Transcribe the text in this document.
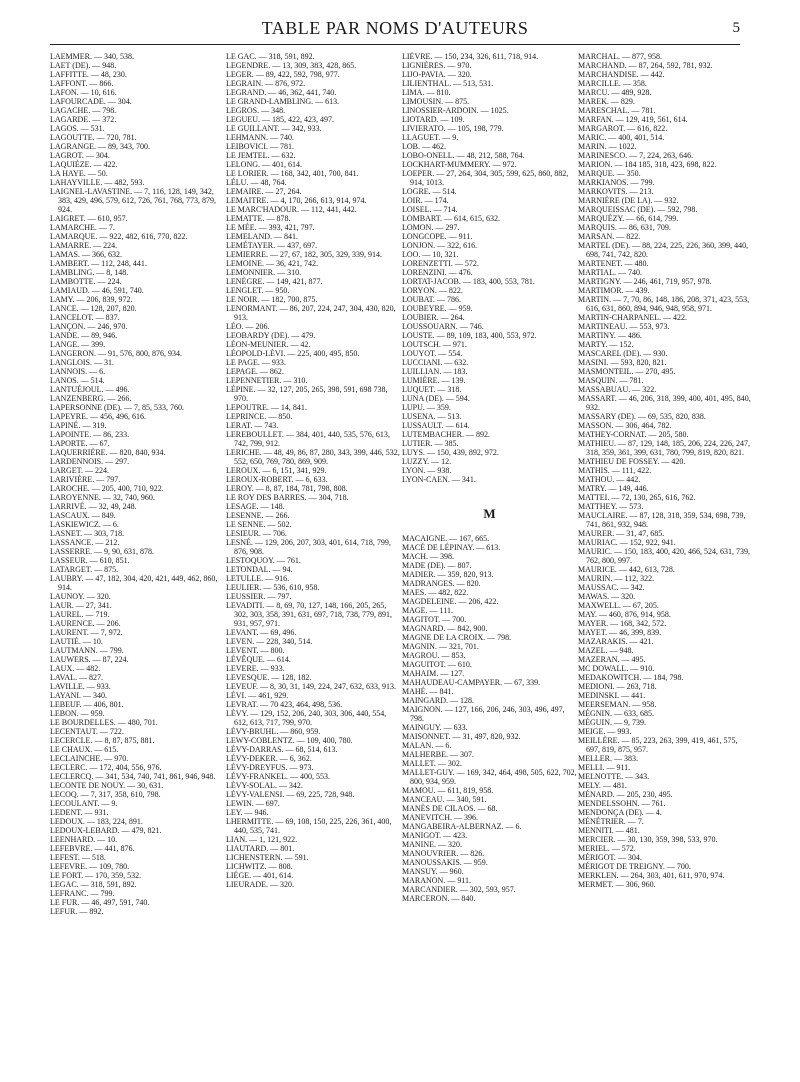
TABLE PAR NOMS D'AUTEURS	5

LAEMMER. — 340, 538.

LAET (DE). — 948.

LAFFITTE. — 48, 230.

LAFFONT. — 866.

LAFON. — 10, 616.

LAFOURCADE. — 304.

LAGACHE. — 798.

LAGARDE. — 372.

LAGOS. — 531.

LAGOUTTE. — 720, 781.

LAGRANGE. — 89, 343, 700.

LAGROT. — 304.

LAQUIÈZE. — 422.

LA HAYE. — 50.

LAHAYVILLE. — 482, 593.

LAIGNEL-LAVASTINE. — 7, 116, 128, 149, 342, 383, 429, 496, 579, 612, 726, 761, 768, 773, 879, 924.

LAIGRET. — 610, 957.

LAMARCHE. — 7.

LAMARQUE. — 922, 482, 616, 770, 822.

LAMARRE. — 224.

LAMAS. — 366, 632.

LAMBERT. — 112, 248, 441.

LAMBLING. — 8, 148.

LAMBOTTE. — 224.

LAMIAUD. — 46, 591, 740.

LAMY. — 206, 839, 972.

LANCE. — 128, 207, 820.

LANCELOT. — 837.

LANÇON. — 246, 970.

LANDE. — 89, 946.

LANGE. — 399.

LANGERON. — 91, 576, 800, 876, 934.

LANGLOIS. — 31.

LANNOIS. — 6.

LANOS. — 514.

LANTUÉJOUL. — 496.

LANZENBERG. — 266.

LAPERSONNE (DE). — 7, 85, 533, 760.

LAPEYRE. — 456, 496, 616.

LAPINÉ. — 319.

LAPOINTE. — 86, 233.

LAPORTE. — 67.

LAQUERRIÈRE. — 820, 840, 934.

LARDENNOIS. — 297.

LARGET. — 224.

LARIVIÈRE. — 797.

LAROCHE. — 205, 400, 710, 922.

LAROYENNE. — 32, 740, 960.

LARRIVÉ. — 32, 49, 248.

LASCAUX. — 849.

LASKIEWICZ. — 6.

LASNET. — 303, 718.

LASSANCE. — 212.

LASSERRE. — 9, 90, 631, 878.

LASSEUR. — 610, 851.

LATARGET. — 875.

LAUBRY. — 47, 182, 304, 420, 421, 449, 462, 860, 914.

LAUNOY. — 320.

LAUR. — 27, 341.

LAUREL. — 719.

LAURENCE. — 206.

LAURENT. — 7, 972.

LAUTIÉ. — 10.

LAUTMANN. — 799.

LAUWERS. — 87, 224.

LAUX. — 482.

LAVAL. — 827.

LAVILLE. — 933.

LAYANI. — 340.

LEBEUF. — 406, 801.

LEBON. — 959.

LE BOURDELLES. — 480, 701.

LECENTAUT. — 722.

LECERCLE. — 8, 87, 875, 881.

LE CHAUX. — 615.

LECLAINCHE. — 970.

LECLERC. — 172, 404, 556, 976.

LECLERCQ. — 341, 534, 740, 741, 861, 946, 948.

LECONTE DE NOUY. — 30, 631.

LECOQ. — 7, 317, 358, 610, 798.

LECOULANT. — 9.

LEDENT. — 931.

LEDOUX. — 183, 224, 891.

LEDOUX-LEBARD. — 479, 821.

LEENHARD. — 10.

LEFEBVRE. — 441, 876.

LEFEST. — 518.

LEFEVRE. — 109, 780.

LE FORT. — 170, 359, 532.

LEGAC. — 318, 591, 892.

LEFRANC. — 799.

LE FUR. — 46, 497, 591, 740.

LEFUR. — 892.

LE GAC. — 318, 591, 892.

LEGENDRE. — 13, 309, 383, 428, 865.

LEGER. — 89, 422, 592, 798, 977.

LEGRAIN. — 876, 972.

LEGRAND. — 46, 362, 441, 740.

LE GRAND-LAMBLING. — 613.

LEGROS. — 348.

LEGUEU. — 185, 422, 423, 497.

LE GUILLANT. — 342, 933.

LEHMANN. — 740.

LEIBOVICI. — 781.

LE JEMTEL. — 632.

LELONG. — 401, 614.

LE LORIER. — 168, 342, 401, 700, 841.

LÉLU. — 48, 764.

LEMAIRE. — 27, 264.

LEMAITRE. — 4, 170, 266, 613, 914, 974.

LE MARC'HADOUR. — 112, 441, 442.

LEMATTE. — 878.

LE MÉE. — 393, 421, 797.

LEMELAND. — 841.

LEMÉTAYER. — 437, 697.

LEMIERRE. — 27, 67, 182, 305, 329, 339, 914.

LEMOINE. — 36, 421, 742.

LEMONNIER. — 310.

LENÈGRE. — 149, 421, 877.

LENGLET. — 950.

LE NOIR. — 182, 700, 875.

LENORMANT. — 86, 207, 224, 247, 304, 430, 820, 913.

LÉO. — 206.

LEOBARDY (DE). — 479.

LÉON-MEUNIER. — 42.

LÉOPOLD-LÉVI. — 225, 400, 495, 850.

LE PAGE. — 933.

LEPAGE. — 862.

LEPENNETIER. — 310.

LÉPINE. — 32, 127, 205, 265, 398, 591, 698 738, 970.

LEPOUTRE. — 14, 841.

LEPRINCE. — 850.

LERAT. — 743.

LEREBOULLET. — 384, 401, 440, 535, 576, 613, 742, 799, 912.

LERICHE. — 48, 49, 86, 87, 280, 343, 399, 446, 532, 552, 650, 769, 780, 869, 909.

LEROUX. — 6, 151, 341, 929.

LEROUX-ROBERT. — 6, 633.

LEROY. — 8, 87, 184, 781, 798, 808.

LE ROY DES BARRES. — 304, 718.

LESAGE. — 148.

LESENNE. — 266.

LE SENNE. — 502.

LESIEUR. — 706.

LESNÉ. — 129, 206, 207, 303, 401, 614, 718, 799, 876, 908.

LESTOQUOY. — 761.

LETONDAL. — 94.

LETULLE. — 916.

LEULIER. — 536, 610, 958.

LEUSSIER. — 797.

LEVADITI. — 8, 69, 70, 127, 148, 166, 205, 265, 302, 303, 358, 391, 631, 697, 718, 738, 779, 891, 931, 957, 971.

LEVANT. — 69, 496.

LEVEN. — 228, 340, 514.

LEVENT. — 800.

LÉVÊQUE. — 614.

LEVERE. — 933.

LEVESQUE. — 128, 182.

LEVEUF. — 8, 30, 31, 149, 224, 247, 632, 633, 913.

LÉVI. — 461, 929.

LEVRAT. — 70 423, 464, 498, 536.

LÉVY. — 129, 152, 206, 240, 303, 306, 440, 554, 612, 613, 717, 799, 970.

LÉVY-BRUHL. — 860, 959.

LEWY-COBLENTZ. — 109, 400, 780.

LÉVY-DARRAS. — 68, 514, 613.

LÉVY-DEKER. — 6, 362.

LÉVY-DREYFUS. — 973.

LÉVY-FRANKEL. — 400, 553.

LÉVY-SOLAL. — 342.

LÉVY-VALENSI. — 69, 225, 728, 948.

LEWIN. — 697.

LEY. — 946.

LHERMITTE. — 69, 108, 150, 225, 226, 361, 400, 440, 535, 741.

LIAN. — 1, 121, 922.

LIAUTARD. — 801.

LICHENSTERN. — 591.

LICHWITZ. — 808.

LIÉGE. — 401, 614.

LIEURADE. — 320.

LIÈVRE. — 150, 234, 326, 611, 718, 914.

LIGNIÈRES. — 970.

LIJO-PAVIA. — 320.

LILIENTHAL. — 513, 531.

LIMA. — 810.

LIMOUSIN. — 875.

LINOSSIER-ARDOIN. — 1025.

LIOTARD. — 109.

LIVIERATO. — 105, 198, 779.

LLAGUET. — 9.

LOB. — 462.

LOBO-ONELL. — 48, 212, 588, 764.

LOCKHART-MUMMERY. — 972.

LOEPER. — 27, 264, 304, 305, 599, 625, 860, 882, 914, 1013.

LOGRE. — 514.

LOIR. — 174.

LOISEL. — 714.

LOMBART. — 614, 615, 632.

LOMON. — 297.

LONGCOPE. — 911.

LONJON. — 322, 616.

LOO. — 10, 321.

LORENZETTI. — 572.

LORENZINI. — 476.

LORTAT-JACOB. — 183, 400, 553, 781.

LORYON. — 822.

LOUBAT. — 786.

LOUBEYRE. — 959.

LOUBIER. — 264.

LOUSSOUARN. — 746.

LOUSTE. — 89, 109, 183, 400, 553, 972.

LOUTSCH. — 971.

LOUYOT. — 554.

LUCCIANI. — 632.

LUILLIAN. — 183.

LUMIÈRE. — 139.

LUQUET. — 318.

LUNA (DE). — 594.

LUPU. — 359.

LUSENA. — 513.

LUSSAULT. — 614.

LUTEMBACHER. — 892.

LUTIER. — 385.

LUYS. — 150, 439, 892, 972.

LUZZY. — 12.

LYON. — 938.

LYON-CAEN. — 341.

M

MACAIGNE. — 167, 665.

MACÉ DE LÉPINAY. — 613.

MACH. — 398.

MADE (DE). — 807.

MADIER. — 359, 820, 913.

MADRANGES. — 820.

MAES. — 482, 822.

MAGDELEINE. — 206, 422.

MAGE. — 111.

MAGITOT. — 700.

MAGNARD. — 842, 900.

MAGNE DE LA CROIX. — 798.

MAGNIN. — 321, 701.

MAGROU. — 853.

MAGUITOT. — 610.

MAHAIM. — 127.

MAHAUDEAU-CAMPAYER. — 67, 339.

MAHÉ. — 841.

MAINGARD. — 128.

MAIGNON. — 127, 166, 206, 246, 303, 496, 497, 798.

MAINGUY. — 633.

MAISONNET. — 31, 497, 820, 932.

MALAN. — 6.

MALHERBE. — 307.

MALLET. — 302.

MALLET-GUY. — 169, 342, 464, 498, 505, 622, 702, 800, 934, 959.

MAMOU. — 611, 819, 958.

MANCEAU. — 340, 591.

MANÈS DE CILAOS. — 68.

MANEVITCH. — 396.

MANGABEIRA-ALBERNAZ. — 6.

MANIGOT. — 423.

MANINE. — 320.

MANOUVRIER. — 826.

MANOUSSAKIS. — 959.

MANSUY. — 960.

MARANON. — 911.

MARCANDIER. — 302, 593, 957.

MARCERON. — 840.

MARCHAL. — 877, 958.

MARCHAND. — 87, 264, 592, 781, 932.

MARCHANDISE. — 442.

MARCILLE. — 358.

MARCU. — 489, 928.

MAREK. — 829.

MARESCHAL. — 781.

MARFAN. — 129, 419, 561, 614.

MARGAROT. — 616, 822.

MARIC. — 400, 401, 514.

MARIN. — 1022.

MARINESCO. — 7, 224, 263, 646.

MARION. — 184 185, 318, 423, 698, 822.

MARQUE. — 350.

MARKIANOS. — 799.

MARKOVITS. — 213.

MARNIÈRE (DE LA). — 932.

MARQUEISSAC (DE). — 592, 798.

MARQUÉZY. — 66, 614, 799.

MARQUIS. — 86, 631, 709.

MARSAN. — 822.

MARTEL (DE). — 88, 224, 225, 226, 360, 399, 440, 698, 741, 742, 820.

MARTENET. — 480.

MARTIAL. — 740.

MARTIGNY. — 246, 461, 719, 957, 978.

MARTIMOR. — 439.

MARTIN. — 7, 70, 86, 148, 186, 208, 371, 423, 553, 616, 631, 860, 894, 946, 948, 958, 971.

MARTIN-CHARPANEL. — 422.

MARTINEAU. — 553, 973.

MARTINY. — 486.

MARTY. — 152.

MASCAREL (DE). — 930.

MASINI. — 593, 820, 821.

MASMONTEIL. — 270, 495.

MASQUIN. — 781.

MASSABUAU. — 322.

MASSART. — 46, 206, 318, 399, 400, 401, 495, 840, 932.

MASSARY (DE). — 69, 535, 820, 838.

MASSON. — 306, 464, 782.

MATHEY-CORNAT. — 205, 580.

MATHIEU. — 87, 129, 148, 185, 206, 224, 226, 247, 318, 359, 361, 399, 631, 780, 799, 819, 820, 821.

MATHIEU DE FOSSEY. — 420.

MATHIS. — 111, 422.

MATHOU. — 442.

MATRY. — 149, 446.

MATTEI. — 72, 130, 265, 616, 762.

MATTHEY. — 573.

MAUCLAIRE. — 87, 128, 318, 359, 534, 698, 739, 741, 861, 932, 948.

MAURER. — 31, 47, 685.

MAURIAC. — 152, 922, 941.

MAURIC. — 150, 183, 400, 420, 466, 524, 631, 739, 762, 800, 997.

MAURICE. — 442, 613, 728.

MAURIN. — 112, 322.

MAUSSAC. — 342.

MAWAS. — 320.

MAXWELL. — 67, 205.

MAY. — 460, 876, 914, 958.

MAYER. — 168, 342, 572.

MAYET. — 46, 399, 839.

MAZARAKIS. — 421.

MAZEL. — 948.

MAZERAN. — 495.

MC DOWALL. — 910.

MEDAKOWITCH. — 184, 798.

MEDIONI. — 263, 718.

MEDINSKI. — 441.

MEERSEMAN. — 958.

MÉGNIN. — 633, 685.

MÉGUIN. — 9, 739.

MEIGE. — 993.

MEILLÈRE. — 85, 223, 263, 399, 419, 461, 575, 697, 819, 875, 957.

MELLER. — 383.

MELLI. — 911.

MELNOTTE. — 343.

MELY. — 481.

MÉNARD. — 205, 230, 495.

MENDELSSOHN. — 761.

MENDONÇA (DE). — 4.

MÉNÉTRIER. — 7.

MENNITI. — 481.

MERCIER. — 30, 130, 359, 398, 533, 970.

MERIEL. — 572.

MÉRIGOT. — 304.

MÉRIGOT DE TREIGNY. — 700.

MERKLEN. — 264, 303, 401, 611, 970, 974.

MERMET. — 306, 960.
